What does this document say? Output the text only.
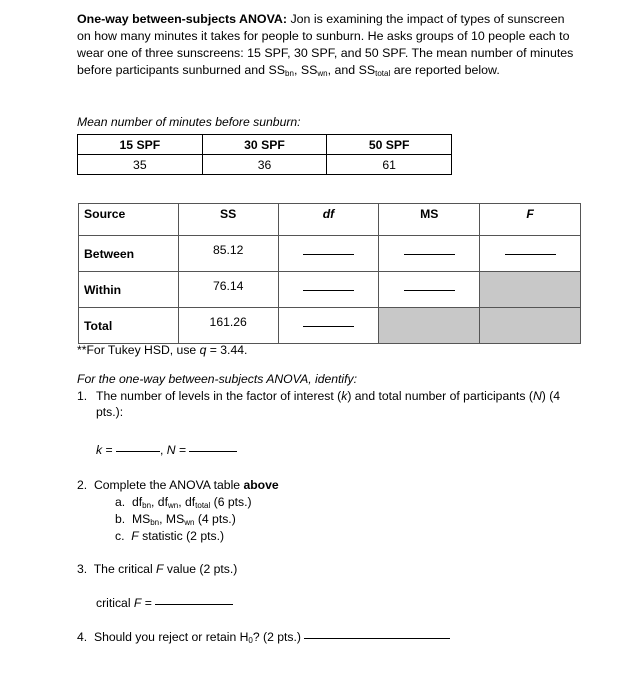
One-way between-subjects ANOVA: Jon is examining the impact of types of sunscreen on how many minutes it takes for people to sunburn. He asks groups of 10 people each to wear one of three sunscreens: 15 SPF, 30 SPF, and 50 SPF. The mean number of minutes before participants sunburned and $SS_{bn}$, $SS_{wn}$, and $SS_{total}$ are reported below.
Mean number of minutes before sunburn:
15 SPF	30 SPF	50 SPF
35	36	61
Source	SS	df	MS	F
Between	85.12			
Within	76.14			
Total	161.26			
**For Tukey HSD, use q = 3.44.
For the one-way between-subjects ANOVA, identify:
1. The number of levels in the factor of interest (k) and total number of participants (N) (4 pts.):
k =	, N =
2. Complete the ANOVA table above
a. $df_{bn}$, $df_{wn}$, $df_{total}$ (6 pts.)
b. $MS_{bn}$, $MS_{wn}$ (4 pts.)
c. F statistic (2 pts.)
3. The critical F value (2 pts.)
critical F =
4. Should you reject or retain $H_0$? (2 pts.)
